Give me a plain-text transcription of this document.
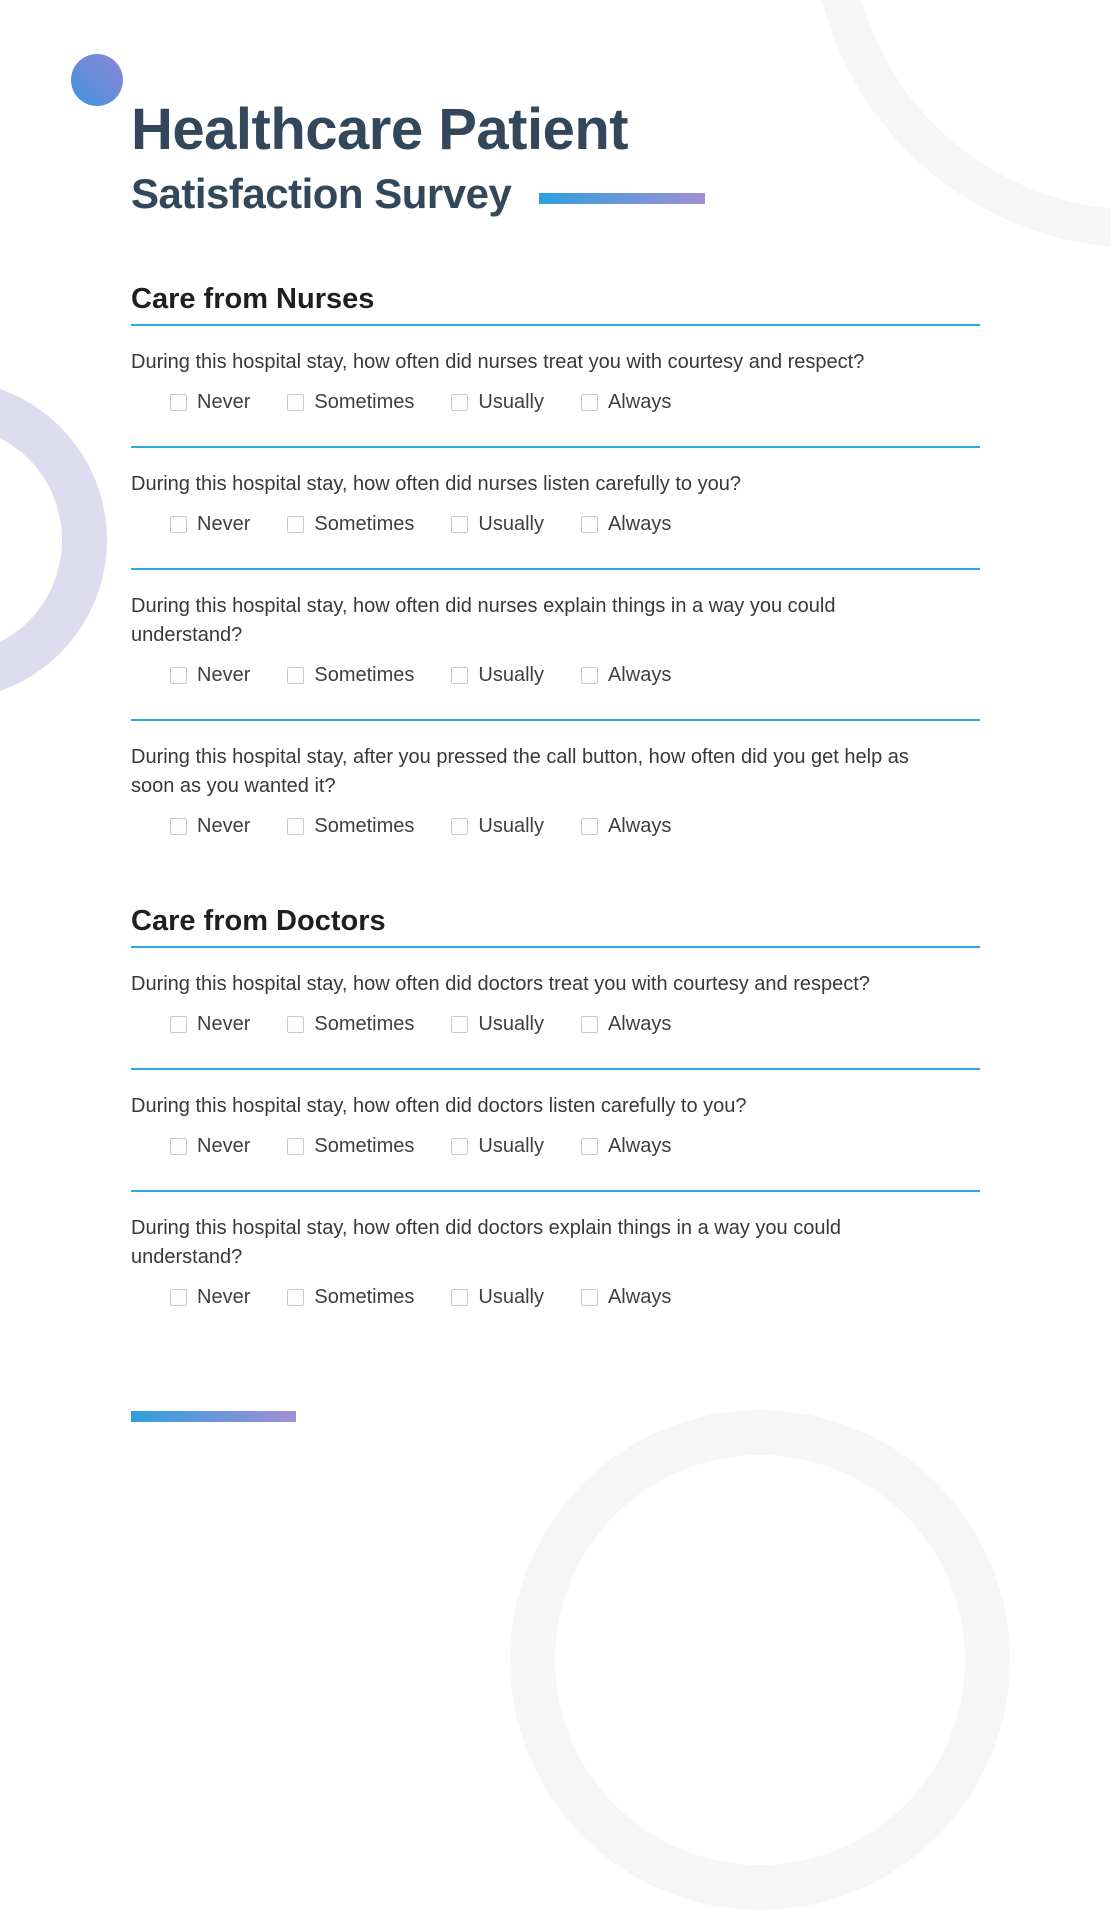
Healthcare Patient
Satisfaction Survey
Care from Nurses

During this hospital stay, how often did nurses treat you with courtesy and respect?

Never	Sometimes	Usually	Always

During this hospital stay, how often did nurses listen carefully to you?

Never	Sometimes	Usually	Always

During this hospital stay, how often did nurses explain things in a way you could understand?

Never	Sometimes	Usually	Always

During this hospital stay, after you pressed the call button, how often did you get help as soon as you wanted it?

Never	Sometimes	Usually	Always
Care from Doctors

During this hospital stay, how often did doctors treat you with courtesy and respect?

Never	Sometimes	Usually	Always

During this hospital stay, how often did doctors listen carefully to you?

Never	Sometimes	Usually	Always

During this hospital stay, how often did doctors explain things in a way you could understand?

Never	Sometimes	Usually	Always
